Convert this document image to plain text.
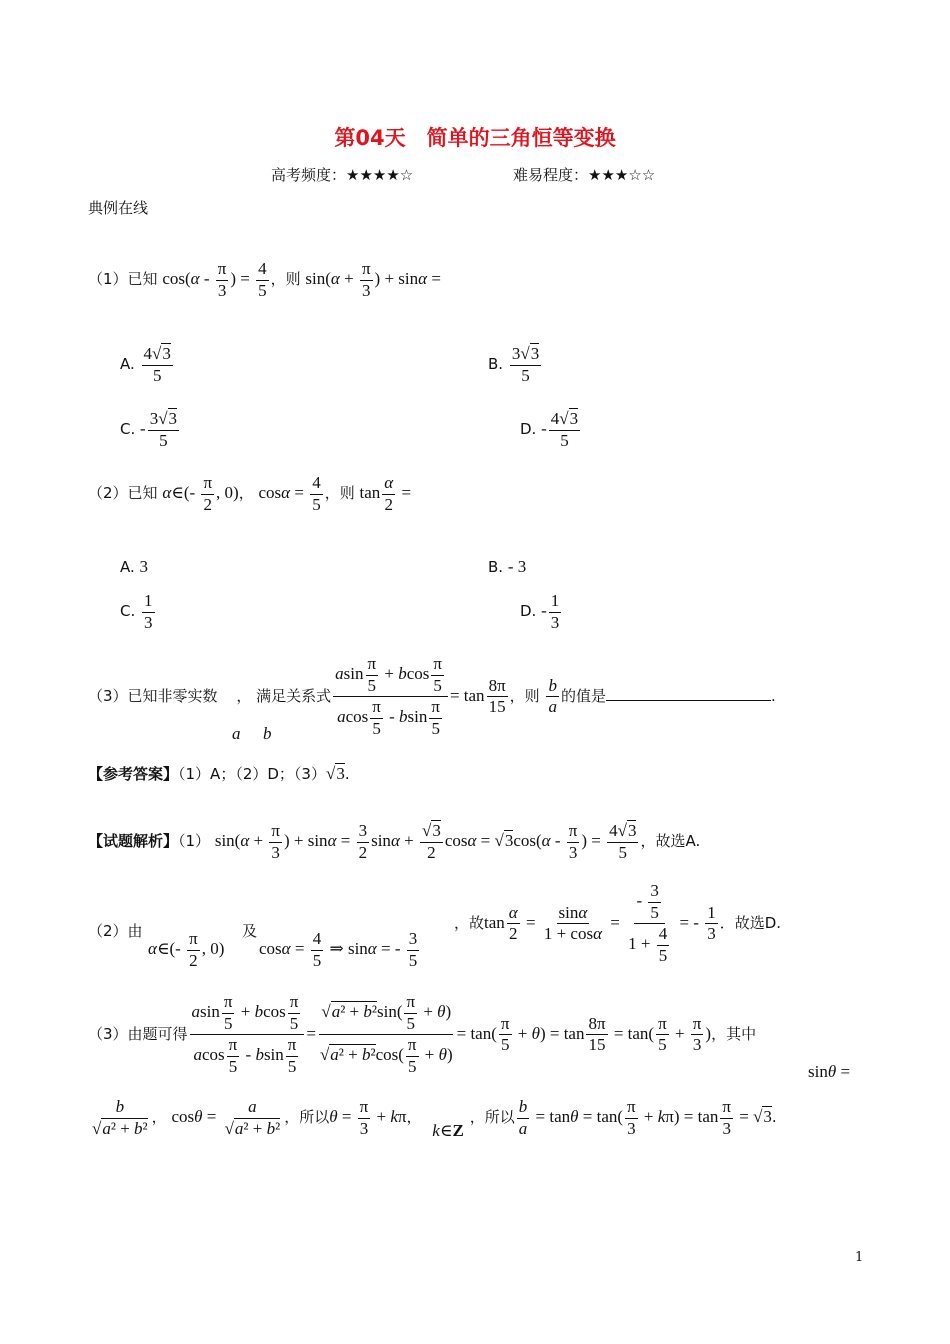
第04天　简单的三角恒等变换
高考频度：★★★★☆	难易程度：★★★☆☆
典例在线
（1）已知 $\cos(\alpha - \frac{\pi}{3}$ ) = $\frac{4}{5}$ ，则 $\sin(\alpha + \frac{\pi}{3}$ ) + sinα =
A. $\frac{4√3}{5}$	B. $\frac{3√3}{5}$
C. - $\frac{3√3}{5}$	D. - $\frac{4√3}{5}$
（2）已知 α∈(- $\frac{\pi}{2}$ , 0)， $\cos\alpha = \frac{4}{5}$ ，则 $\tan \frac{\alpha}{2}$ =
A. 3	B. - 3
C. $\frac{1}{3}$	D. - $\frac{1}{3}$
（3）已知非零实数 ， 满足关系式 $\frac{asin \frac{\pi}{5} + bcos \frac{\pi}{5}}{acos \frac{\pi}{5} - bsin \frac{\pi}{5}} = \tan \frac{8\pi}{15}$ ，则 $\frac{b}{a}$ 的值是	.
a b
【参考答案】（1）A；（2）D；（3）√3.
【试题解析】（1） $\sin(\alpha + \frac{\pi}{3}$ ) + $\sin\alpha = \frac{3}{2}$ $\sin\alpha + \frac{√3}{2}$ $\cos\alpha = √3\cos(\alpha - \frac{\pi}{3}$ ) = $\frac{4√3}{5}$ ，故选A.
（2）由
α∈(- $\frac{\pi}{2}$ , 0)
及
$\cos\alpha = \frac{4}{5}$ ⇒ sinα = - $\frac{3}{5}$
，故$\tan \frac{\alpha}{2} = \frac{\sin\alpha}{1 + \cos\alpha} = \frac{- \frac{3}{5}}{1 + \frac{4}{5}}$ = - $\frac{1}{3}$ ．故选D.
（3）由题可得 $\frac{asin \frac{\pi}{5} + bcos \frac{\pi}{5}}{acos \frac{\pi}{5} - bsin \frac{\pi}{5}} = \frac{√a^2 + b^2\sin( \frac{\pi}{5} + \theta)}{√a^2 + b^2\cos( \frac{\pi}{5} + \theta)} = \tan( \frac{\pi}{5} + \theta) = \tan \frac{8\pi}{15} = \tan( \frac{\pi}{5} + \frac{\pi}{3}$ )，其中
sinθ =
$\frac{b}{\text{√a² + b²}}$ ， $\cos\theta = \frac{a}{\text{√a² + b²}}$ ，所以$\theta = \frac{\pi}{3} + k\pi$， k∈Z，所以 $\frac{b}{a} = \tan\theta = \tan( \frac{\pi}{3} + k\pi) = \tan \frac{\pi}{3} = √3$.
1
